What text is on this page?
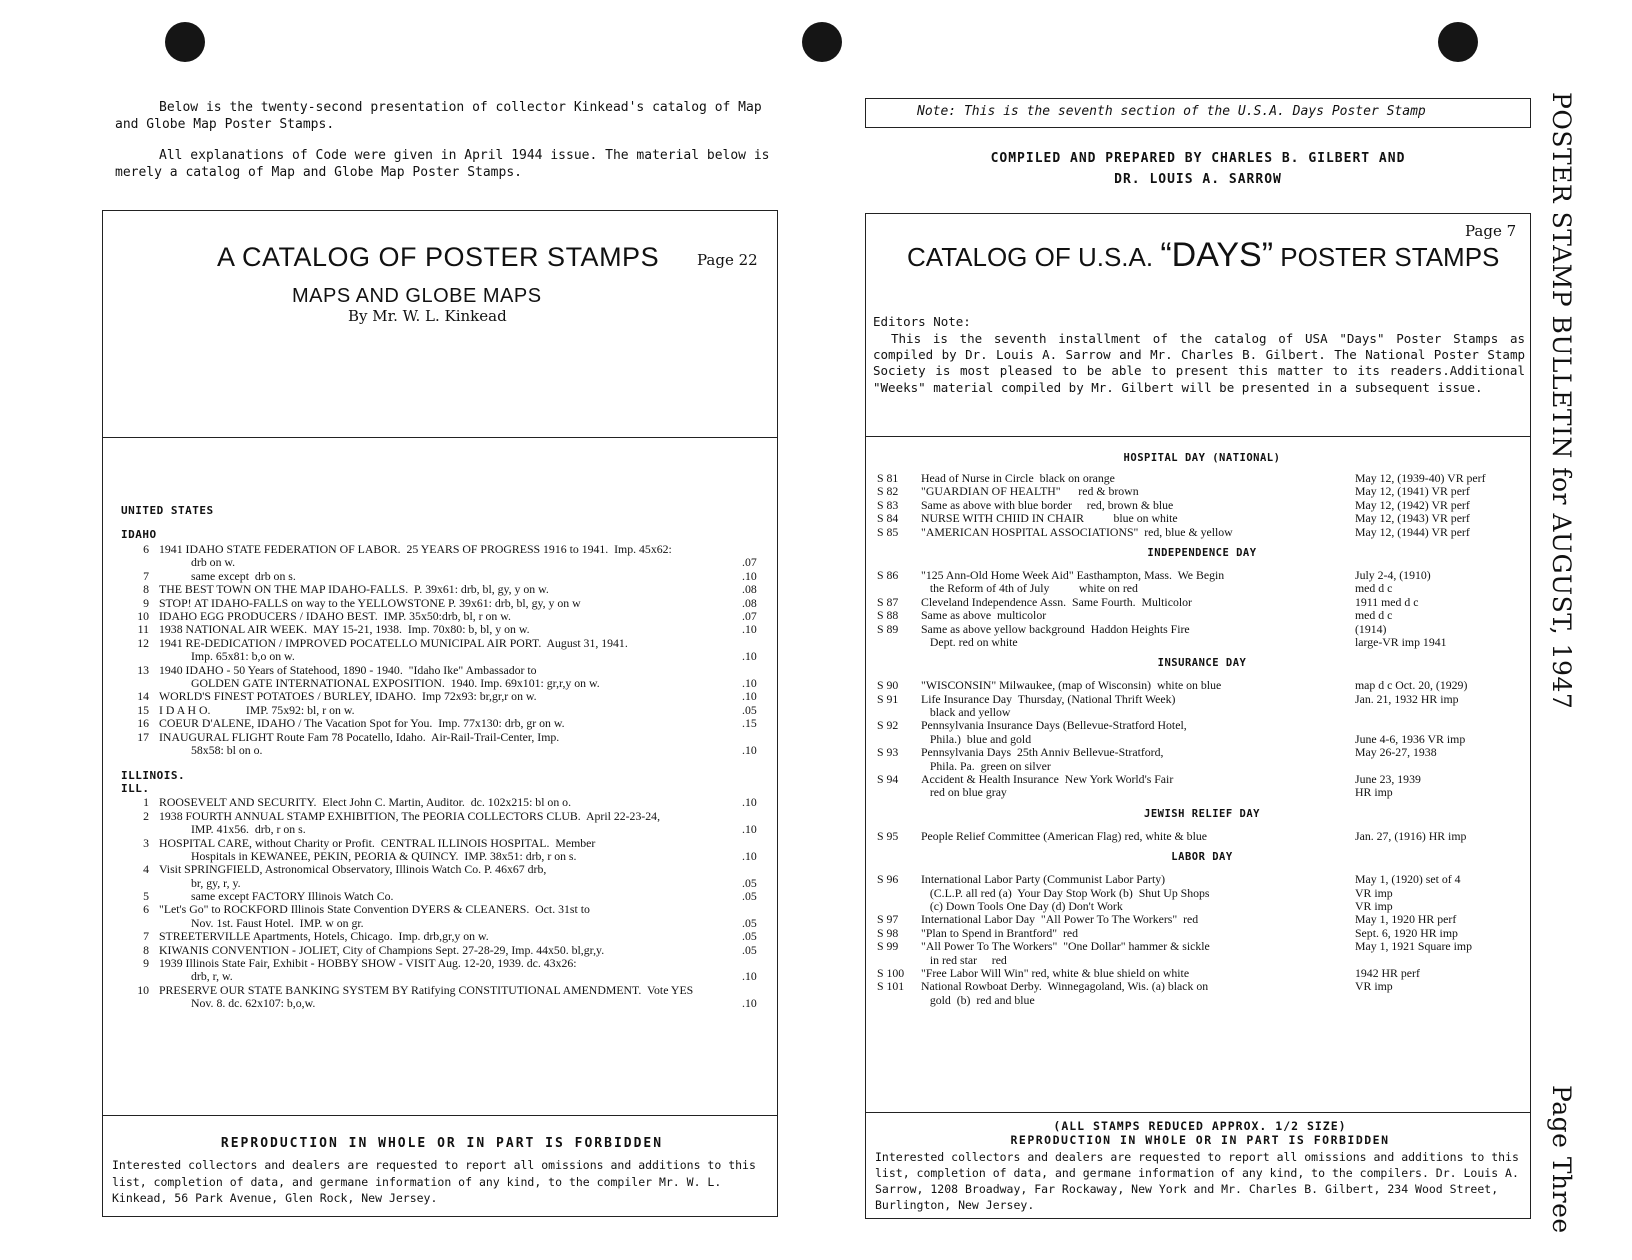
Below is the twenty-second presentation of collector Kinkead's catalog of Map and Globe Map Poster Stamps.

All explanations of Code were given in April 1944 issue. The material below is merely a catalog of Map and Globe Map Poster Stamps.

A CATALOG OF POSTER STAMPS	Page 22
MAPS AND GLOBE MAPS
By Mr. W. L. Kinkead
UNITED STATES
IDAHO
6 1941 IDAHO STATE FEDERATION OF LABOR.  25 YEARS OF PROGRESS 1916 to 1941.  Imp. 45x62:
drb on w.	.07
7	same except  drb on s.	.10
8 THE BEST TOWN ON THE MAP IDAHO-FALLS.  P. 39x61: drb, bl, gy, y on w.	.08
9 STOP! AT IDAHO-FALLS on way to the YELLOWSTONE P. 39x61: drb, bl, gy, y on w	.08
10 IDAHO EGG PRODUCERS / IDAHO BEST.  IMP. 35x50:drb, bl, r on w.	.07
11 1938 NATIONAL AIR WEEK.  MAY 15-21, 1938.  Imp. 70x80: b, bl, y on w.	.10
12 1941 RE-DEDICATION / IMPROVED POCATELLO MUNICIPAL AIR PORT.  August 31, 1941.
Imp. 65x81: b,o on w.	.10
13 1940 IDAHO - 50 Years of Statehood, 1890 - 1940.  "Idaho Ike" Ambassador to
GOLDEN GATE INTERNATIONAL EXPOSITION.  1940. Imp. 69x101: gr,r,y on w.	.10
14 WORLD'S FINEST POTATOES / BURLEY, IDAHO.  Imp 72x93: br,gr,r on w.	.10
15 I D A H O.            IMP. 75x92: bl, r on w.	.05
16 COEUR D'ALENE, IDAHO / The Vacation Spot for You.  Imp. 77x130: drb, gr on w.	.15
17 INAUGURAL FLIGHT Route Fam 78 Pocatello, Idaho.  Air-Rail-Trail-Center, Imp.
58x58: bl on o.	.10
ILLINOIS.
ILL.
1 ROOSEVELT AND SECURITY.  Elect John C. Martin, Auditor.  dc. 102x215: bl on o.	.10
2 1938 FOURTH ANNUAL STAMP EXHIBITION, The PEORIA COLLECTORS CLUB.  April 22-23-24,
IMP. 41x56.  drb, r on s.	.10
3 HOSPITAL CARE, without Charity or Profit.  CENTRAL ILLINOIS HOSPITAL.  Member
Hospitals in KEWANEE, PEKIN, PEORIA & QUINCY.  IMP. 38x51: drb, r on s.	.10
4 Visit SPRINGFIELD, Astronomical Observatory, Illinois Watch Co. P. 46x67 drb,
br, gy, r, y.	.05
5	same except FACTORY Illinois Watch Co.	.05
6 "Let's Go" to ROCKFORD Illinois State Convention DYERS & CLEANERS.  Oct. 31st to
Nov. 1st. Faust Hotel.  IMP. w on gr.	.05
7 STREETERVILLE Apartments, Hotels, Chicago.  Imp. drb,gr,y on w.	.05
8 KIWANIS CONVENTION - JOLIET, City of Champions Sept. 27-28-29, Imp. 44x50. bl,gr,y.	.05
9 1939 Illinois State Fair, Exhibit - HOBBY SHOW - VISIT Aug. 12-20, 1939. dc. 43x26:
drb, r, w.	.10
10 PRESERVE OUR STATE BANKING SYSTEM BY Ratifying CONSTITUTIONAL AMENDMENT.  Vote YES
Nov. 8. dc. 62x107: b,o,w.	.10
REPRODUCTION IN WHOLE OR IN PART IS FORBIDDEN
Interested collectors and dealers are requested to report all omissions and additions to this list, completion of data, and germane information of any kind, to the compiler Mr. W. L. Kinkead, 56 Park Avenue, Glen Rock, New Jersey.
Note: This is the seventh section of the U.S.A. Days Poster Stamp
COMPILED AND PREPARED BY CHARLES B. GILBERT AND
DR. LOUIS A. SARROW
Page 7
CATALOG OF U.S.A. “DAYS” POSTER STAMPS
Editors Note:
This is the seventh installment of the catalog of USA "Days" Poster Stamps as compiled by Dr. Louis A. Sarrow and Mr. Charles B. Gilbert. The National Poster Stamp Society is most pleased to be able to present this matter to its readers.Additional "Weeks" material compiled by Mr. Gilbert will be presented in a subsequent issue.
HOSPITAL DAY (NATIONAL)
S 81 Head of Nurse in Circle  black on orange	May 12, (1939-40) VR perf
S 82 "GUARDIAN OF HEALTH"      red & brown	May 12, (1941) VR perf
S 83 Same as above with blue border     red, brown & blue	May 12, (1942) VR perf
S 84 NURSE WITH CHIID IN CHAIR          blue on white	May 12, (1943) VR perf
S 85 "AMERICAN HOSPITAL ASSOCIATIONS"  red, blue & yellow	May 12, (1944) VR perf
INDEPENDENCE DAY
S 86 "125 Ann-Old Home Week Aid" Easthampton, Mass.  We Begin	July 2-4, (1910)
the Reform of 4th of July          white on red	med d c
S 87 Cleveland Independence Assn.  Same Fourth.  Multicolor	1911 med d c
S 88 Same as above  multicolor	med d c
S 89 Same as above yellow background  Haddon Heights Fire	(1914)
Dept. red on white	large-VR imp 1941
INSURANCE DAY
S 90 "WISCONSIN" Milwaukee, (map of Wisconsin)  white on blue	map d c Oct. 20, (1929)
S 91 Life Insurance Day  Thursday, (National Thrift Week)	Jan. 21, 1932 HR imp
black and yellow
S 92 Pennsylvania Insurance Days (Bellevue-Stratford Hotel,
Phila.)  blue and gold	June 4-6, 1936 VR imp
S 93 Pennsylvania Days  25th Anniv Bellevue-Stratford,	May 26-27, 1938
Phila. Pa.  green on silver
S 94 Accident & Health Insurance  New York World's Fair	June 23, 1939
red on blue gray	HR imp
JEWISH RELIEF DAY
S 95 People Relief Committee (American Flag) red, white & blue	Jan. 27, (1916) HR imp
LABOR DAY
S 96 International Labor Party (Communist Labor Party)	May 1, (1920) set of 4
(C.L.P. all red (a)  Your Day Stop Work (b)  Shut Up Shops	VR imp
(c) Down Tools One Day (d) Don't Work	VR imp
S 97 International Labor Day  "All Power To The Workers"  red	May 1, 1920 HR perf
S 98 "Plan to Spend in Brantford"  red	Sept. 6, 1920 HR imp
S 99 "All Power To The Workers"  "One Dollar" hammer & sickle	May 1, 1921 Square imp
in red star     red
S 100 "Free Labor Will Win" red, white & blue shield on white	1942 HR perf
S 101 National Rowboat Derby.  Winnegagoland, Wis. (a) black on	VR imp
gold  (b)  red and blue
(ALL STAMPS REDUCED APPROX. 1/2 SIZE)
REPRODUCTION IN WHOLE OR IN PART IS FORBIDDEN
Interested collectors and dealers are requested to report all omissions and additions to this list, completion of data, and germane information of any kind, to the compilers. Dr. Louis A. Sarrow, 1208 Broadway, Far Rockaway, New York and Mr. Charles B. Gilbert, 234 Wood Street, Burlington, New Jersey.
POSTER STAMP BULLETIN for AUGUST, 1947
Page Three
